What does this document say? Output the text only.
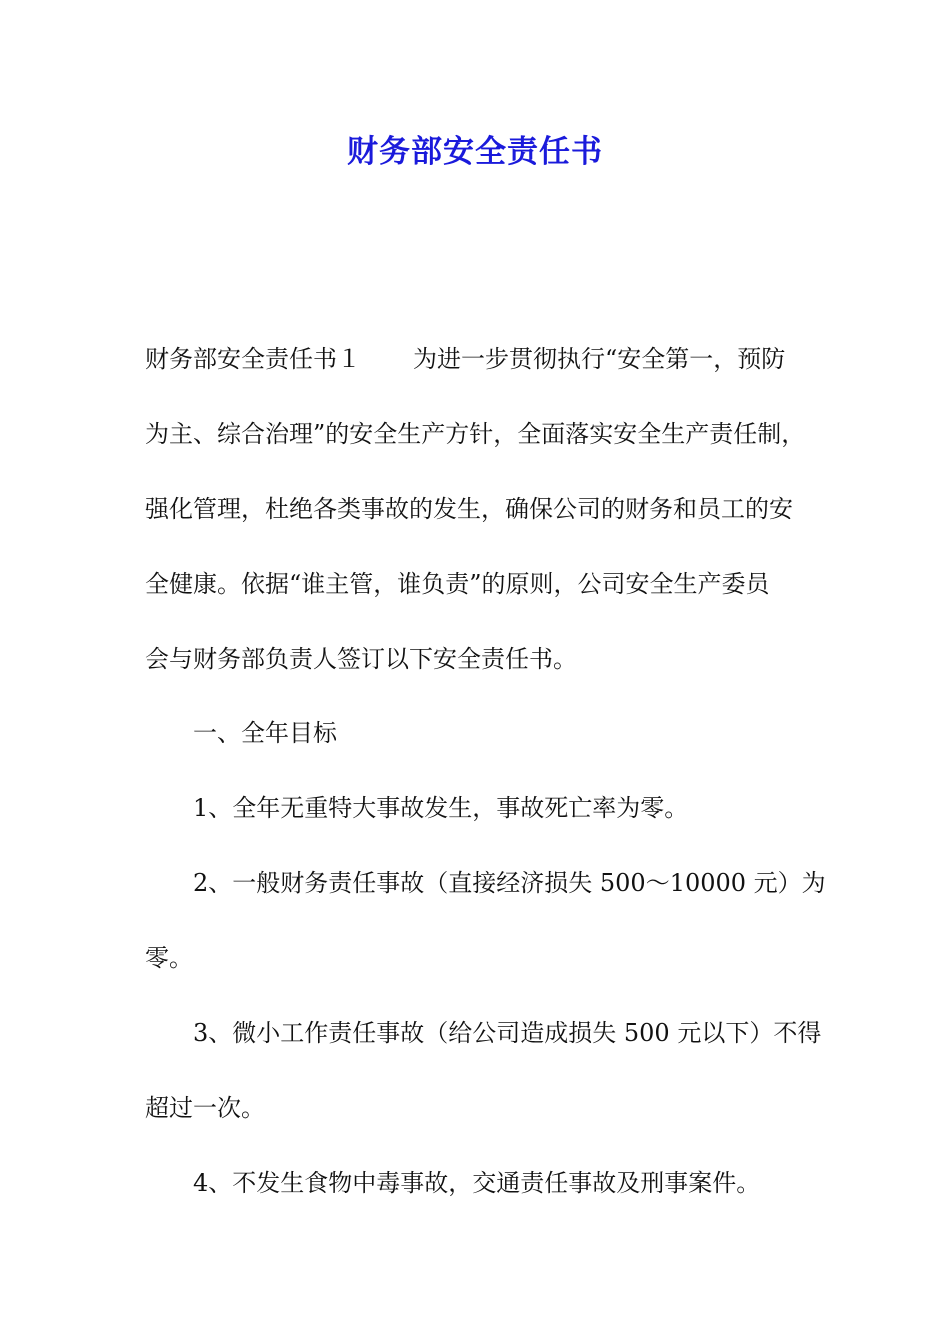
财务部安全责任书
财务部安全责任书１ 为进一步贯彻执行“安全第一，预防
为主、综合治理”的安全生产方针，全面落实安全生产责任制，
强化管理，杜绝各类事故的发生，确保公司的财务和员工的安
全健康。依据“谁主管，谁负责”的原则，公司安全生产委员
会与财务部负责人签订以下安全责任书。
一、全年目标
1、全年无重特大事故发生，事故死亡率为零。
2、一般财务责任事故（直接经济损失 500～10000 元）为
零。
3、微小工作责任事故（给公司造成损失 500 元以下）不得
超过一次。
4、不发生食物中毒事故，交通责任事故及刑事案件。
